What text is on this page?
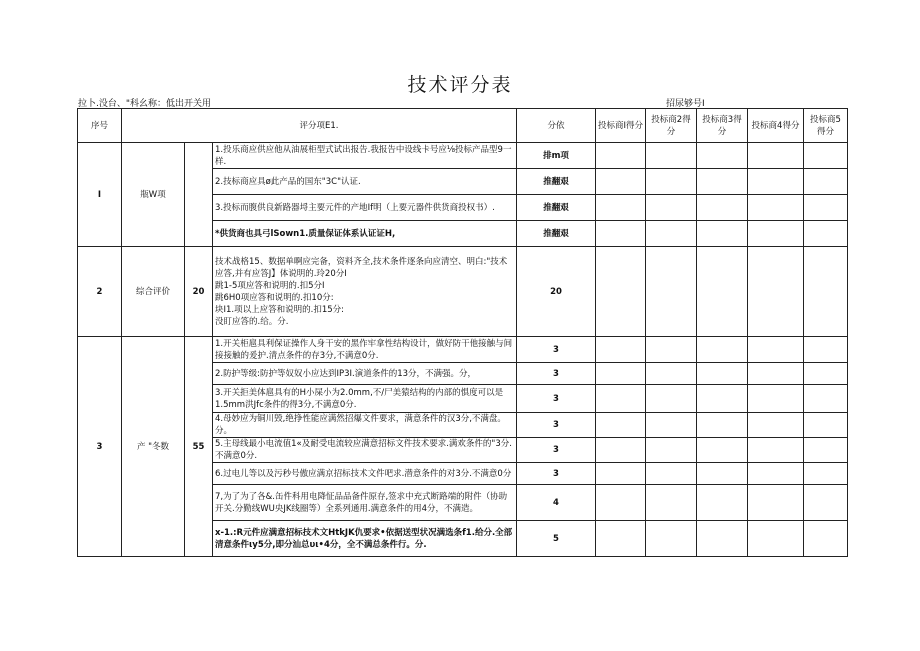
技术评分表
拉卜.没台、"科幺称：低出开关用	招尿够号I
序号	评分项E1.			分依	投标商I得分	投标商2得分	投标商3得分	投标商4得分	投标商5得分
I	瓶W项		1.投乐商应供应他从油展柜型式试出报告.我报告中设线卡号应⅛投标产品型9一样.	排m项					
			2.技标商应具ø此产品的国东"3C"认证.	推翻艰					
			3.投标而腹供良新路器埒主要元件的产地If明（上要元器件供货商投权书）.	推翻艰					
			*供货商也具弓lSown1.质量保证体系认证证H,	推翻艰					
2	综合评价	20	技术战格15、数据单啊应完备，资料齐全,技术条件逐条向应清空、明白:"技术应答,并有应答J】体说明的.玲20分I
跳1-5项应答和说明的.扣5分I
跳6H0项应答和说明的.扣10分:
块I1.项以上应答和说明的.扣15分:
没盯应答的.给。分.	20					
3	产 "冬数	55	1.开关柜扈具利保证操作人身干安的黑作牢拿性结构设计，做好防干他接触与间接接触的爰护.清点条件的存3分,不满意0分.	3					
			2.防护等级:防护等奴奴小应达到IP3I.演道条件的13分，不满强。分，	3					
			3.开关拒美体扈具有的H小屎小为2.0mm,不/尸美猿结构的内部的惧度可以是1.5mm洪Jfc条件的得3分,不满意0分.	3					
			4.母妙应为铜川毁,绝挣性能应满然招爆文件要求，满意条件的汉3分,不满盘。分。	3					
			5.主母线最小电流值1«及耐受电流较应满意招标文件技术要求.满欢条件的"3分.不满意0分.	3					
			6.过电儿等以及污秒号傲应满京招标技术文件吧求.潜意条件的对3分.不满意0分	3					
			7,为了为了各&.缶件科用电降怔品品备件原存,签求中充式断路端的附件（协助开关.分勤线WU央JK线圈等）全系列通用.满意条件的用4分，不满造。	4					
			x-1.:R元件应满意招标技术文HtkJK仇要求•依据送型状况满选条f1.给分.全部清意条件ιy5分,即分汕总υι•4分，全不满总条件行。分.	5					
